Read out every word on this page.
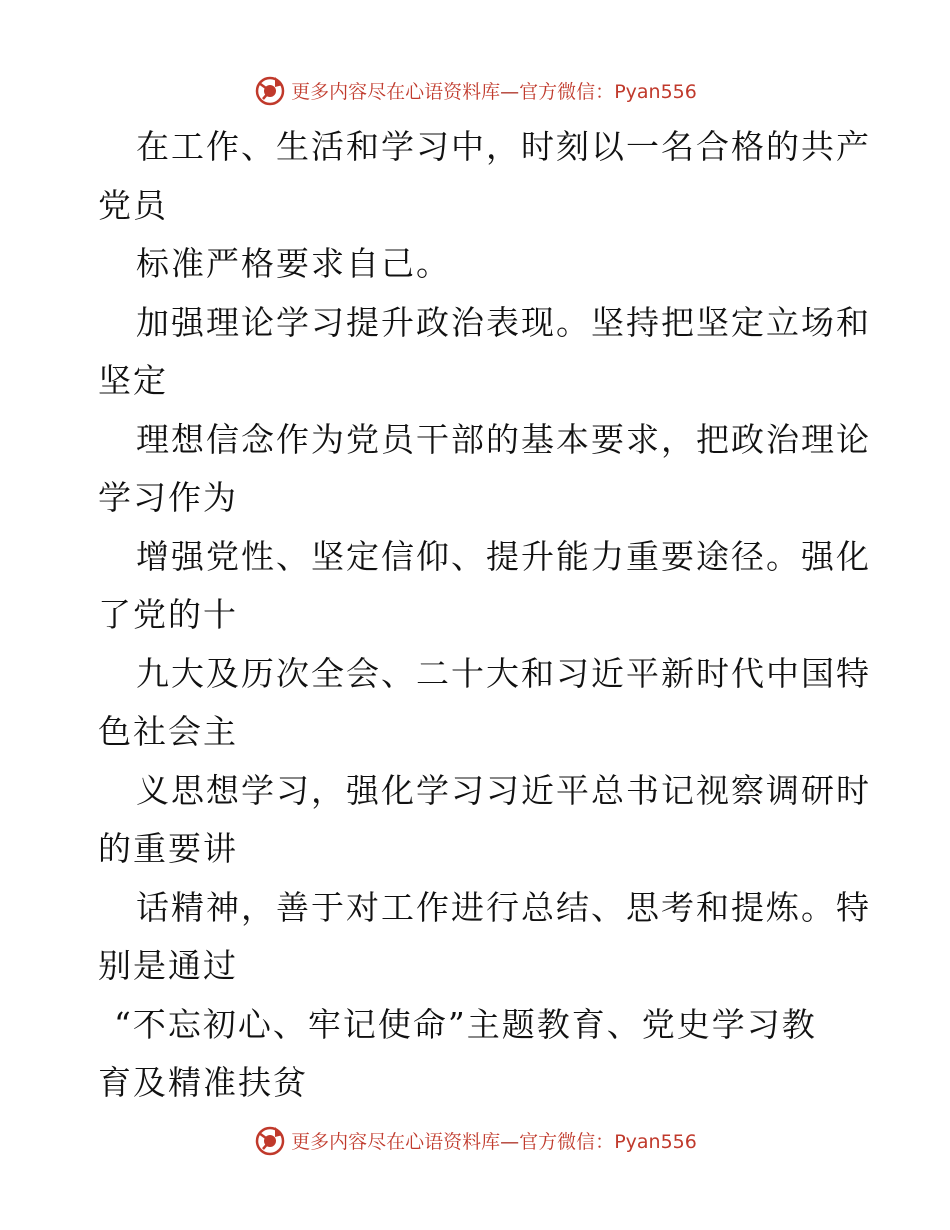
更多内容尽在心语资料库—官方微信：Pyan556
在工作、生活和学习中，时刻以一名合格的共产
党员
标准严格要求自己。
加强理论学习提升政治表现。坚持把坚定立场和
坚定
理想信念作为党员干部的基本要求，把政治理论
学习作为
增强党性、坚定信仰、提升能力重要途径。强化
了党的十
九大及历次全会、二十大和习近平新时代中国特
色社会主
义思想学习，强化学习习近平总书记视察调研时
的重要讲
话精神，善于对工作进行总结、思考和提炼。特
别是通过
“不忘初心、牢记使命”主题教育、党史学习教
育及精准扶贫
更多内容尽在心语资料库—官方微信：Pyan556
